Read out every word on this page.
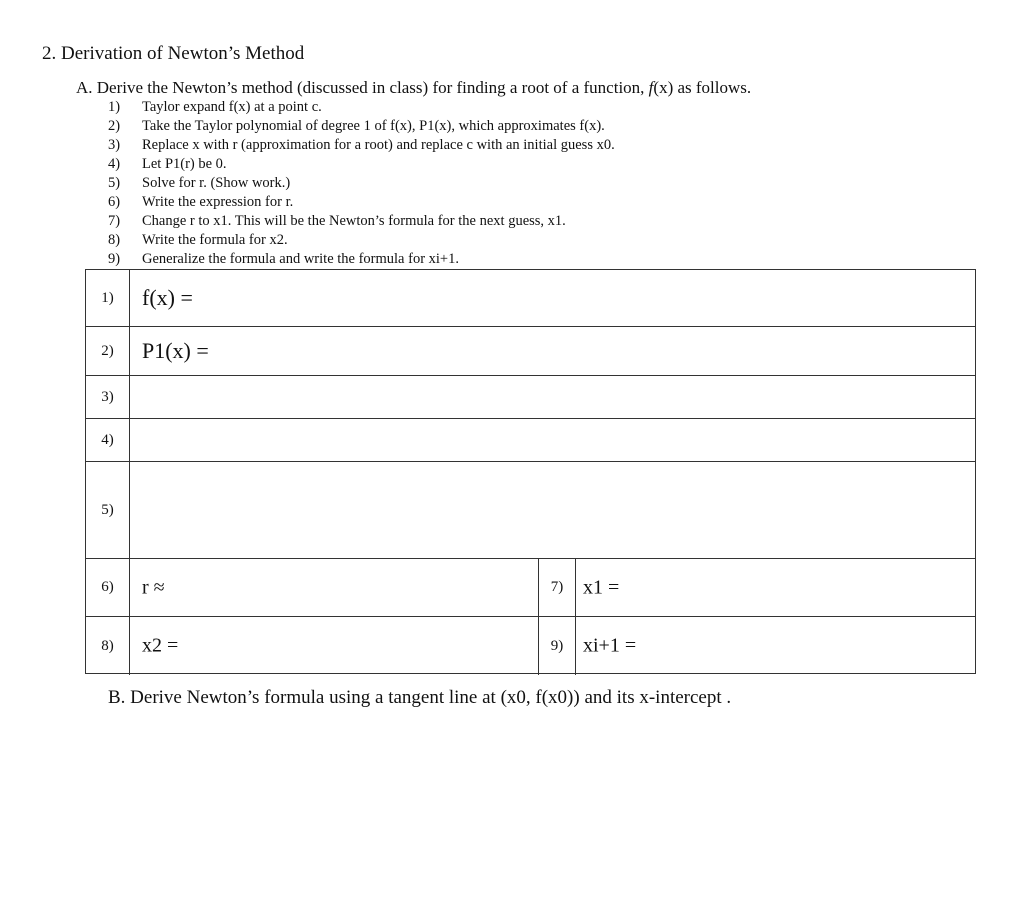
2. Derivation of Newton’s Method
A. Derive the Newton’s method (discussed in class) for finding a root of a function, f(x) as follows.
1) Taylor expand f(x) at a point c.
2) Take the Taylor polynomial of degree 1 of f(x), P1(x), which approximates f(x).
3) Replace x with r (approximation for a root) and replace c with an initial guess x0.
4) Let P1(r) be 0.
5) Solve for r. (Show work.)
6) Write the expression for r.
7) Change r to x1. This will be the Newton’s formula for the next guess, x1.
8) Write the formula for x2.
9) Generalize the formula and write the formula for xi+1.
1)	f(x) =
2)	P1(x) =
3)
4)
5)
6)	r ≈	7) x1 =
8)	x2 =	9) xi+1 =
B. Derive Newton’s formula using a tangent line at (x0, f(x0)) and its x-intercept .
